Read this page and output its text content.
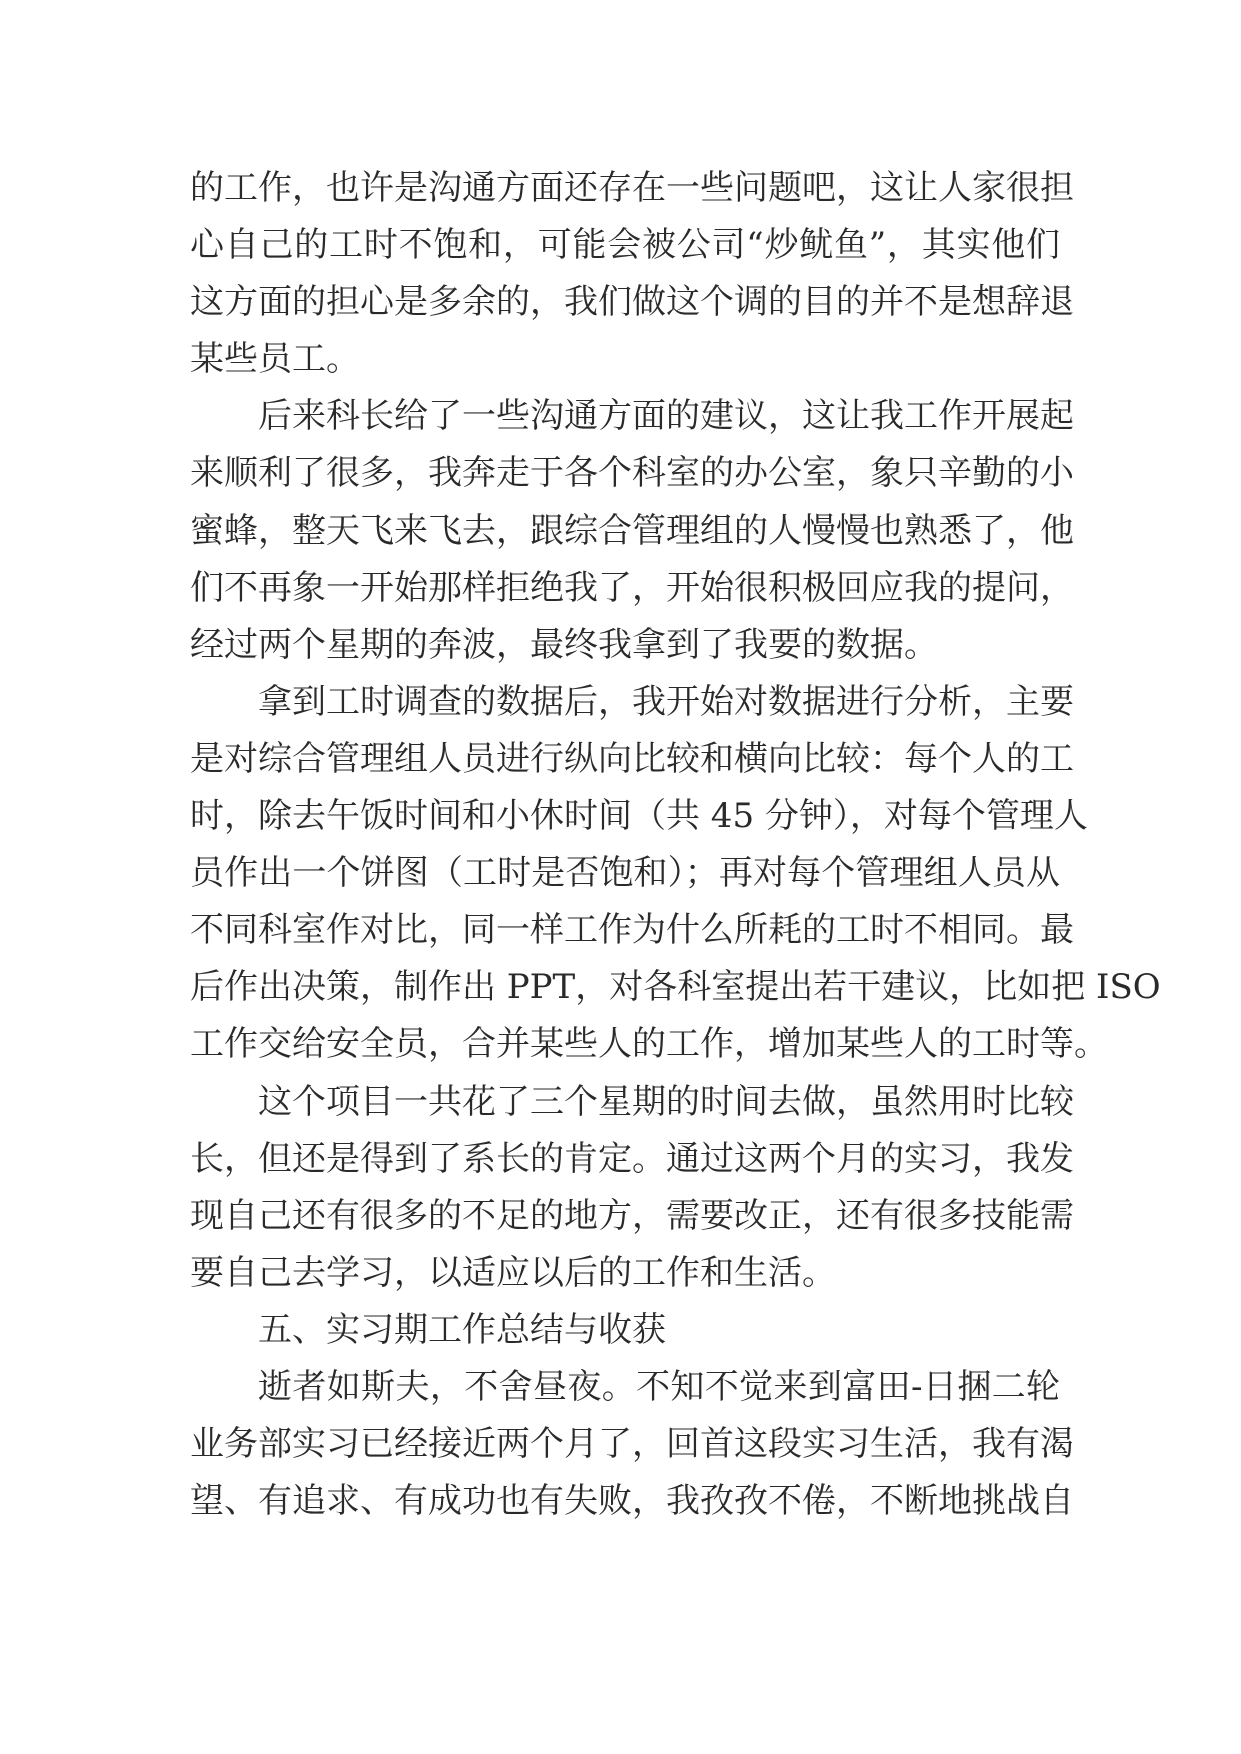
的工作，也许是沟通方面还存在一些问题吧，这让人家很担
心自己的工时不饱和，可能会被公司“炒鱿鱼”，其实他们
这方面的担心是多余的，我们做这个调的目的并不是想辞退
某些员工。
后来科长给了一些沟通方面的建议，这让我工作开展起
来顺利了很多，我奔走于各个科室的办公室，象只辛勤的小
蜜蜂，整天飞来飞去，跟综合管理组的人慢慢也熟悉了，他
们不再象一开始那样拒绝我了，开始很积极回应我的提问，
经过两个星期的奔波，最终我拿到了我要的数据。
拿到工时调查的数据后，我开始对数据进行分析，主要
是对综合管理组人员进行纵向比较和横向比较：每个人的工
时，除去午饭时间和小休时间（共 45 分钟），对每个管理人
员作出一个饼图（工时是否饱和）；再对每个管理组人员从
不同科室作对比，同一样工作为什么所耗的工时不相同。最
后作出决策，制作出 PPT，对各科室提出若干建议，比如把 ISO
工作交给安全员，合并某些人的工作，增加某些人的工时等。
这个项目一共花了三个星期的时间去做，虽然用时比较
长，但还是得到了系长的肯定。通过这两个月的实习，我发
现自己还有很多的不足的地方，需要改正，还有很多技能需
要自己去学习，以适应以后的工作和生活。
五、实习期工作总结与收获
逝者如斯夫，不舍昼夜。不知不觉来到富田-日捆二轮
业务部实习已经接近两个月了，回首这段实习生活，我有渴
望、有追求、有成功也有失败，我孜孜不倦，不断地挑战自
